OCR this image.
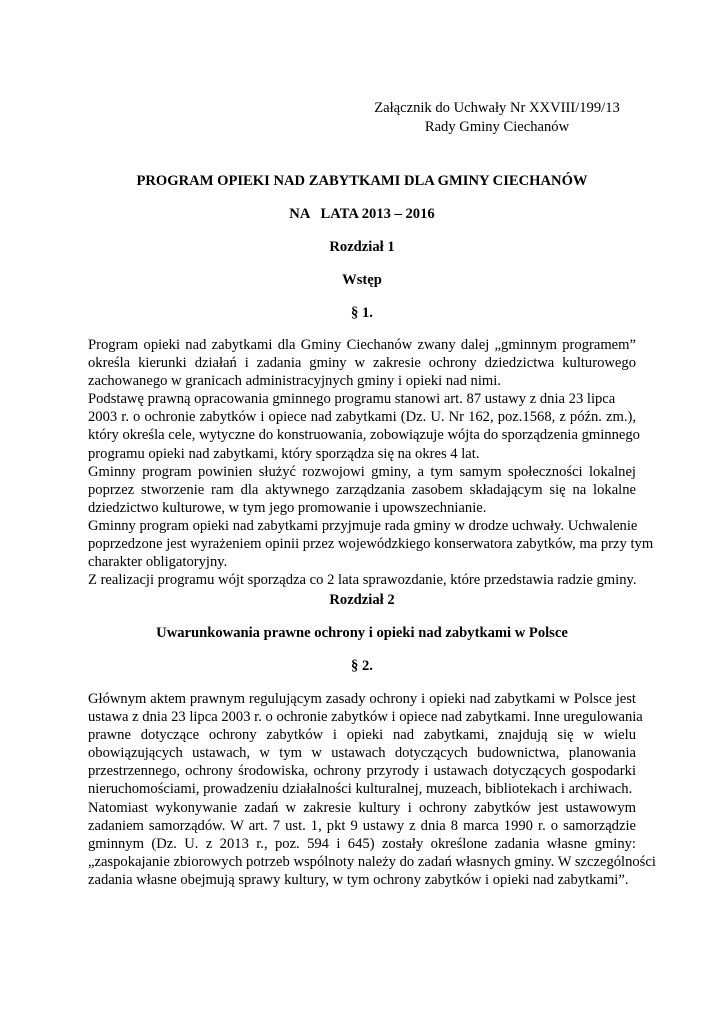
Załącznik do Uchwały Nr XXVIII/199/13
Rady Gminy Ciechanów
PROGRAM OPIEKI NAD ZABYTKAMI DLA GMINY CIECHANÓW
NA   LATA 2013 – 2016
Rozdział 1
Wstęp
§ 1.
Program opieki nad zabytkami dla Gminy Ciechanów zwany dalej „gminnym programem”
określa kierunki działań i zadania gminy w zakresie ochrony dziedzictwa kulturowego
zachowanego w granicach administracyjnych gminy i opieki nad nimi.
Podstawę prawną opracowania gminnego programu stanowi art. 87 ustawy z dnia 23 lipca
2003 r. o ochronie zabytków i opiece nad zabytkami (Dz. U. Nr 162, poz.1568, z późn. zm.),
który określa cele, wytyczne do konstruowania, zobowiązuje wójta do sporządzenia gminnego
programu opieki nad zabytkami, który sporządza się na okres 4 lat.
Gminny program powinien służyć rozwojowi gminy, a tym samym społeczności lokalnej
poprzez stworzenie ram dla aktywnego zarządzania zasobem składającym się na lokalne
dziedzictwo kulturowe, w tym jego promowanie i upowszechnianie.
Gminny program opieki nad zabytkami przyjmuje rada gminy w drodze uchwały. Uchwalenie
poprzedzone jest wyrażeniem opinii przez wojewódzkiego konserwatora zabytków, ma przy tym
charakter obligatoryjny.
Z realizacji programu wójt sporządza co 2 lata sprawozdanie, które przedstawia radzie gminy.
Rozdział 2
Uwarunkowania prawne ochrony i opieki nad zabytkami w Polsce
§ 2.
Głównym aktem prawnym regulującym zasady ochrony i opieki nad zabytkami w Polsce jest
ustawa z dnia 23 lipca 2003 r. o ochronie zabytków i opiece nad zabytkami. Inne uregulowania
prawne dotyczące ochrony zabytków i opieki nad zabytkami, znajdują się w wielu
obowiązujących ustawach, w tym w ustawach dotyczących budownictwa, planowania
przestrzennego, ochrony środowiska, ochrony przyrody i ustawach dotyczących gospodarki
nieruchomościami, prowadzeniu działalności kulturalnej, muzeach, bibliotekach i archiwach.
Natomiast wykonywanie zadań w zakresie kultury i ochrony zabytków jest ustawowym
zadaniem samorządów. W art. 7 ust. 1, pkt 9 ustawy z dnia 8 marca 1990 r. o samorządzie
gminnym (Dz. U. z 2013 r., poz. 594 i 645) zostały określone zadania własne gminy:
„zaspokajanie zbiorowych potrzeb wspólnoty należy do zadań własnych gminy. W szczególności
zadania własne obejmują sprawy kultury, w tym ochrony zabytków i opieki nad zabytkami”.
